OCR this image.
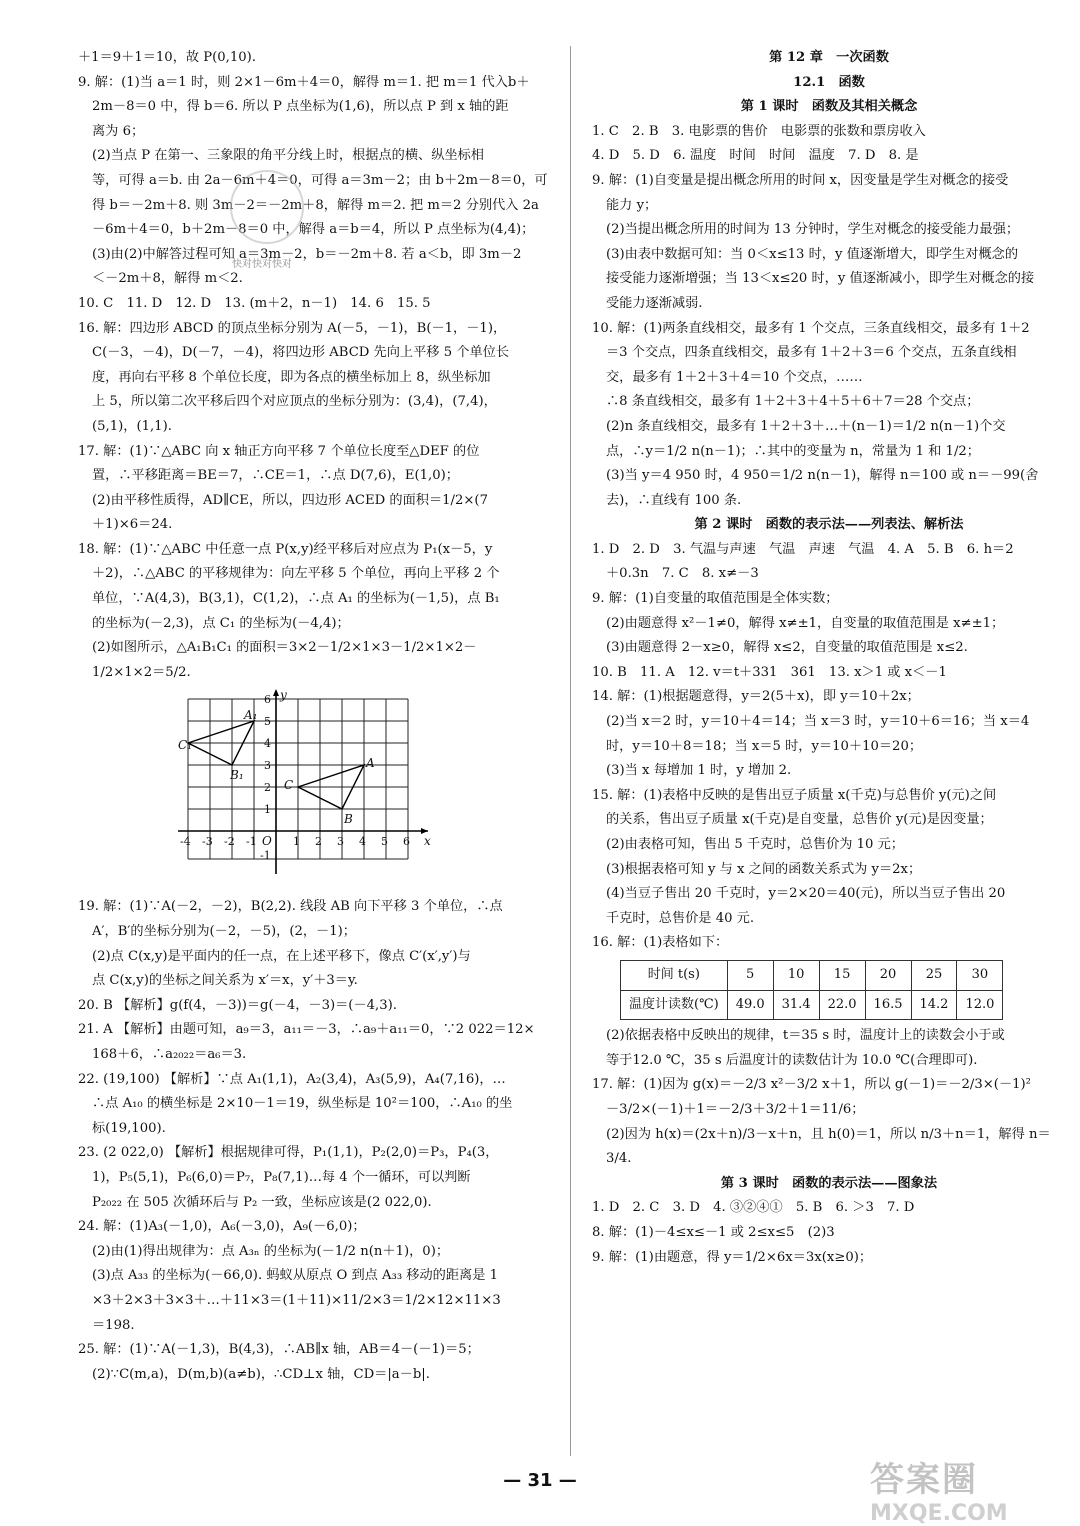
＋1＝9＋1＝10，故 P(0,10).
9. 解：(1)当 a＝1 时，则 2×1－6m＋4＝0，解得 m＝1. 把 m＝1 代入b＋
2m－8＝0 中，得 b＝6. 所以 P 点坐标为(1,6)，所以点 P 到 x 轴的距
离为 6；
(2)当点 P 在第一、三象限的角平分线上时，根据点的横、纵坐标相
等，可得 a＝b. 由 2a－6m＋4＝0，可得 a＝3m－2；由 b＋2m－8＝0，可
得 b＝－2m＋8. 则 3m－2＝－2m＋8，解得 m＝2. 把 m＝2 分别代入 2a
－6m＋4＝0，b＋2m－8＝0 中，解得 a＝b＝4，所以 P 点坐标为(4,4)；
(3)由(2)中解答过程可知 a＝3m－2，b＝－2m＋8. 若 a＜b，即 3m－2
＜－2m＋8，解得 m＜2.
10. C　11. D　12. D　13. (m＋2，n－1)　14. 6　15. 5
16. 解：四边形 ABCD 的顶点坐标分别为 A(－5，－1)，B(－1，－1)，
C(－3，－4)，D(－7，－4)，将四边形 ABCD 先向上平移 5 个单位长
度，再向右平移 8 个单位长度，即为各点的横坐标加上 8，纵坐标加
上 5，所以第二次平移后四个对应顶点的坐标分别为：(3,4)，(7,4)，
(5,1)，(1,1).
17. 解：(1)∵△ABC 向 x 轴正方向平移 7 个单位长度至△DEF 的位
置，∴平移距离＝BE＝7，∴CE＝1，∴点 D(7,6)，E(1,0)；
(2)由平移性质得，AD∥CE，所以，四边形 ACED 的面积＝1/2×(7
＋1)×6＝24.
18. 解：(1)∵△ABC 中任意一点 P(x,y)经平移后对应点为 P₁(x－5，y
＋2)，∴△ABC 的平移规律为：向左平移 5 个单位，再向上平移 2 个
单位，∵A(4,3)，B(3,1)，C(1,2)，∴点 A₁ 的坐标为(－1,5)，点 B₁
的坐标为(－2,3)，点 C₁ 的坐标为(－4,4)；
(2)如图所示，△A₁B₁C₁ 的面积＝3×2－1/2×1×3－1/2×1×2－
1/2×1×2＝5/2.
A₁
B₁
C₁
A
B
C
O	x
y
-4 -3 -2 -1	1 2 3 4 5 6
6
5
4
3
2
1
-1
19. 解：(1)∵A(－2，－2)，B(2,2). 线段 AB 向下平移 3 个单位，∴点
A′，B′的坐标分别为(－2，－5)，(2，－1)；
(2)点 C(x,y)是平面内的任一点，在上述平移下，像点 C′(x′,y′)与
点 C(x,y)的坐标之间关系为 x′＝x，y′＋3＝y.
20. B 【解析】g(f(4，－3))＝g(－4，－3)＝(－4,3).
21. A 【解析】由题可知，a₉＝3，a₁₁＝－3，∴a₉＋a₁₁＝0，∵2 022＝12×
168＋6，∴a₂₀₂₂＝a₆＝3.
22. (19,100) 【解析】∵点 A₁(1,1)，A₂(3,4)，A₃(5,9)，A₄(7,16)，…
∴点 A₁₀ 的横坐标是 2×10－1＝19，纵坐标是 10²＝100，∴A₁₀ 的坐
标(19,100).
23. (2 022,0) 【解析】根据规律可得，P₁(1,1)，P₂(2,0)＝P₃，P₄(3，
1)，P₅(5,1)，P₆(6,0)＝P₇，P₈(7,1)…每 4 个一循环，可以判断
P₂₀₂₂ 在 505 次循环后与 P₂ 一致，坐标应该是(2 022,0).
24. 解：(1)A₃(－1,0)，A₆(－3,0)，A₉(－6,0)；
(2)由(1)得出规律为：点 A₃ₙ 的坐标为(－1/2 n(n＋1)，0)；
(3)点 A₃₃ 的坐标为(－66,0). 蚂蚁从原点 O 到点 A₃₃ 移动的距离是 1
×3＋2×3＋3×3＋…＋11×3＝(1＋11)×11/2×3＝1/2×12×11×3
＝198.
25. 解：(1)∵A(－1,3)，B(4,3)，∴AB∥x 轴，AB＝4－(－1)＝5；
(2)∵C(m,a)，D(m,b)(a≠b)，∴CD⊥x 轴，CD＝|a－b|.
第 12 章　一次函数
12.1　函数
第 1 课时　函数及其相关概念
1. C　2. B　3. 电影票的售价　电影票的张数和票房收入
4. D　5. D　6. 温度　时间　时间　温度　7. D　8. 是
9. 解：(1)自变量是提出概念所用的时间 x，因变量是学生对概念的接受
能力 y；
(2)当提出概念所用的时间为 13 分钟时，学生对概念的接受能力最强；
(3)由表中数据可知：当 0＜x≤13 时，y 值逐渐增大，即学生对概念的
接受能力逐渐增强；当 13＜x≤20 时，y 值逐渐减小，即学生对概念的接
受能力逐渐减弱.
10. 解：(1)两条直线相交，最多有 1 个交点，三条直线相交，最多有 1＋2
＝3 个交点，四条直线相交，最多有 1＋2＋3＝6 个交点，五条直线相
交，最多有 1＋2＋3＋4＝10 个交点，……
∴8 条直线相交，最多有 1＋2＋3＋4＋5＋6＋7＝28 个交点；
(2)n 条直线相交，最多有 1＋2＋3＋…＋(n－1)＝1/2 n(n－1)个交
点，∴y＝1/2 n(n－1)；∴其中的变量为 n，常量为 1 和 1/2；
(3)当 y＝4 950 时，4 950＝1/2 n(n－1)，解得 n＝100 或 n＝－99(舍
去)，∴直线有 100 条.
第 2 课时　函数的表示法——列表法、解析法
1. D　2. D　3. 气温与声速　气温　声速　气温　4. A　5. B　6. h＝2
＋0.3n　7. C　8. x≠－3
9. 解：(1)自变量的取值范围是全体实数；
(2)由题意得 x²－1≠0，解得 x≠±1，自变量的取值范围是 x≠±1；
(3)由题意得 2－x≥0，解得 x≤2，自变量的取值范围是 x≤2.
10. B　11. A　12. v＝t＋331　361　13. x＞1 或 x＜－1
14. 解：(1)根据题意得，y＝2(5＋x)，即 y＝10＋2x；
(2)当 x＝2 时，y＝10＋4＝14；当 x＝3 时，y＝10＋6＝16；当 x＝4
时，y＝10＋8＝18；当 x＝5 时，y＝10＋10＝20；
(3)当 x 每增加 1 时，y 增加 2.
15. 解：(1)表格中反映的是售出豆子质量 x(千克)与总售价 y(元)之间
的关系，售出豆子质量 x(千克)是自变量，总售价 y(元)是因变量；
(2)由表格可知，售出 5 千克时，总售价为 10 元；
(3)根据表格可知 y 与 x 之间的函数关系式为 y＝2x；
(4)当豆子售出 20 千克时，y＝2×20＝40(元)，所以当豆子售出 20
千克时，总售价是 40 元.
16. 解：(1)表格如下：
时间 t(s)	5	10	15	20	25	30
温度计读数(℃)	49.0	31.4	22.0	16.5	14.2	12.0
(2)依据表格中反映出的规律，t＝35 s 时，温度计上的读数会小于或
等于12.0 ℃，35 s 后温度计的读数估计为 10.0 ℃(合理即可).
17. 解：(1)因为 g(x)＝－2/3 x²－3/2 x＋1，所以 g(－1)＝－2/3×(－1)²
－3/2×(－1)＋1＝－2/3＋3/2＋1＝11/6；
(2)因为 h(x)＝(2x＋n)/3－x＋n，且 h(0)＝1，所以 n/3＋n＝1，解得 n＝
3/4.
第 3 课时　函数的表示法——图象法
1. D　2. C　3. D　4. ③②④①　5. B　6. ＞3　7. D
8. 解：(1)－4≤x≤－1 或 2≤x≤5　(2)3
9. 解：(1)由题意，得 y＝1/2×6x＝3x(x≥0)；
快对快对快对
— 31 —	答案圈
MXQE.COM
